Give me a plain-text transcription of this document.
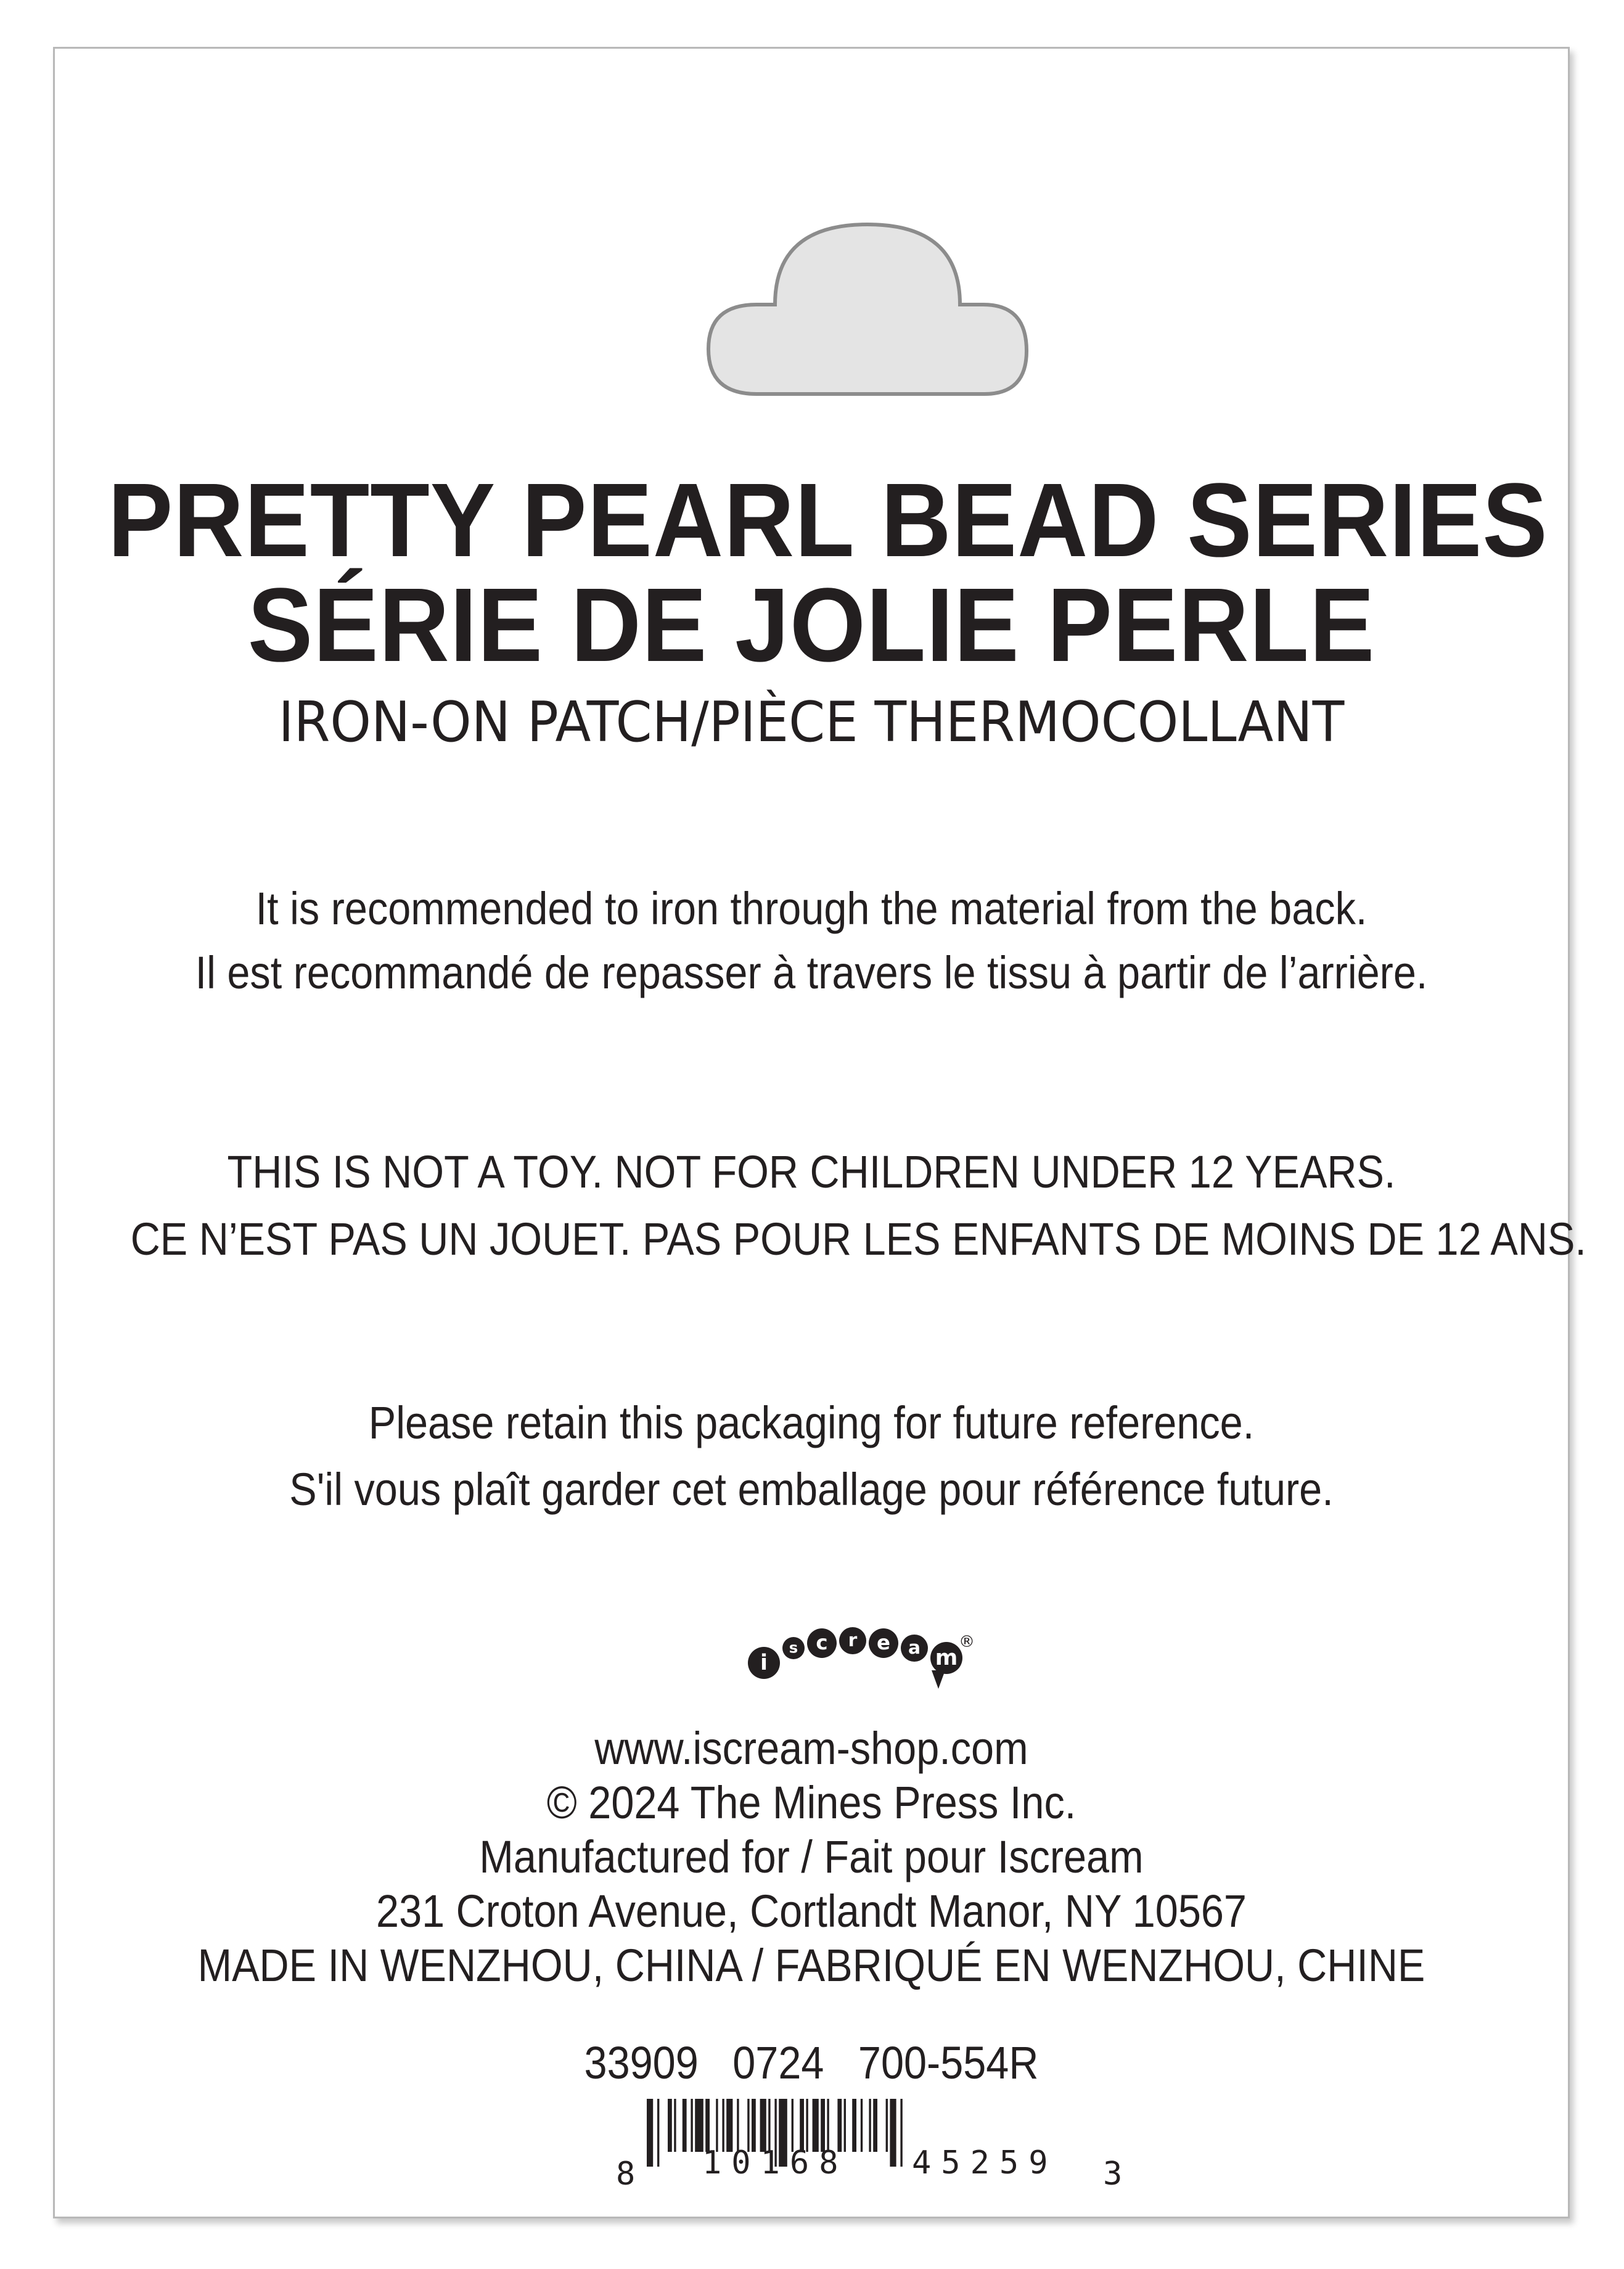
PRETTY PEARL BEAD SERIES
SÉRIE DE JOLIE PERLE
IRON-ON PATCH/PIÈCE THERMOCOLLANT
It is recommended to iron through the material from the back.
Il est recommandé de repasser à travers le tissu à partir de l’arrière.
THIS IS NOT A TOY. NOT FOR CHILDREN UNDER 12 YEARS.
CE N’EST PAS UN JOUET. PAS POUR LES ENFANTS DE MOINS DE 12 ANS.
Please retain this packaging for future reference.
S'il vous plaît garder cet emballage pour référence future.
i
s c r e a m
®
www.iscream-shop.com
© 2024 The Mines Press Inc.
Manufactured for / Fait pour Iscream
231 Croton Avenue, Cortlandt Manor, NY 10567
MADE IN WENZHOU, CHINA / FABRIQUÉ EN WENZHOU, CHINE
33909   0724   700-554R
8 10168 45259 3
